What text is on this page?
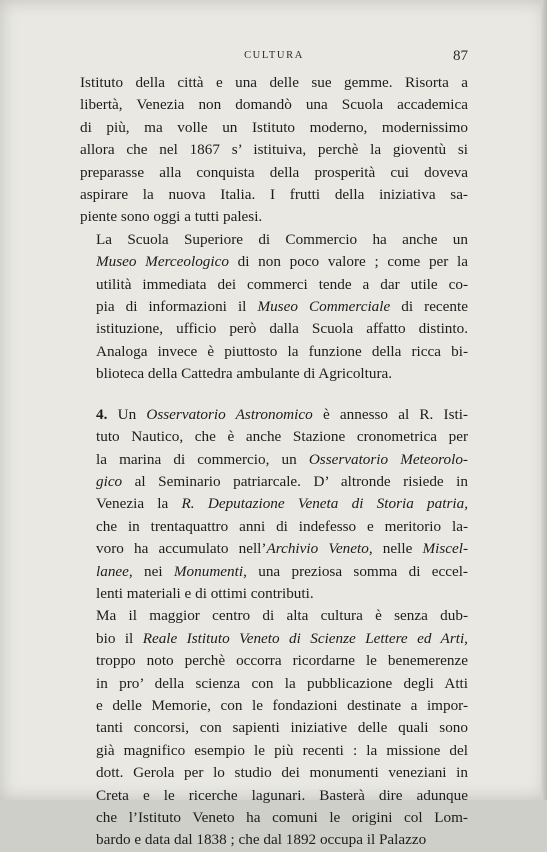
CULTURA	87

Istituto della città e una delle sue gemme. Risorta a
libertà, Venezia non domandò una Scuola accademica
di più, ma volle un Istituto moderno, modernissimo
allora che nel 1867 s’ istituiva, perchè la gioventù si
preparasse alla conquista della prosperità cui doveva
aspirare la nuova Italia. I frutti della iniziativa sa-
piente sono oggi a tutti palesi.

La Scuola Superiore di Commercio ha anche un
Museo Merceologico di non poco valore ; come per la
utilità immediata dei commerci tende a dar utile co-
pia di informazioni il Museo Commerciale di recente
istituzione, ufficio però dalla Scuola affatto distinto.
Analoga invece è piuttosto la funzione della ricca bi-
blioteca della Cattedra ambulante di Agricoltura.

4. Un Osservatorio Astronomico è annesso al R. Isti-
tuto Nautico, che è anche Stazione cronometrica per
la marina di commercio, un Osservatorio Meteorolo-
gico al Seminario patriarcale. D’ altronde risiede in
Venezia la R. Deputazione Veneta di Storia patria,
che in trentaquattro anni di indefesso e meritorio la-
voro ha accumulato nell’Archivio Veneto, nelle Miscel-
lanee, nei Monumenti, una preziosa somma di eccel-
lenti materiali e di ottimi contributi.

Ma il maggior centro di alta cultura è senza dub-
bio il Reale Istituto Veneto di Scienze Lettere ed Arti,
troppo noto perchè occorra ricordarne le benemerenze
in pro’ della scienza con la pubblicazione degli Atti
e delle Memorie, con le fondazioni destinate a impor-
tanti concorsi, con sapienti iniziative delle quali sono
già magnifico esempio le più recenti : la missione del
dott. Gerola per lo studio dei monumenti veneziani in
Creta e le ricerche lagunari. Basterà dire adunque
che l’Istituto Veneto ha comuni le origini col Lom-
bardo e data dal 1838 ; che dal 1892 occupa il Palazzo
